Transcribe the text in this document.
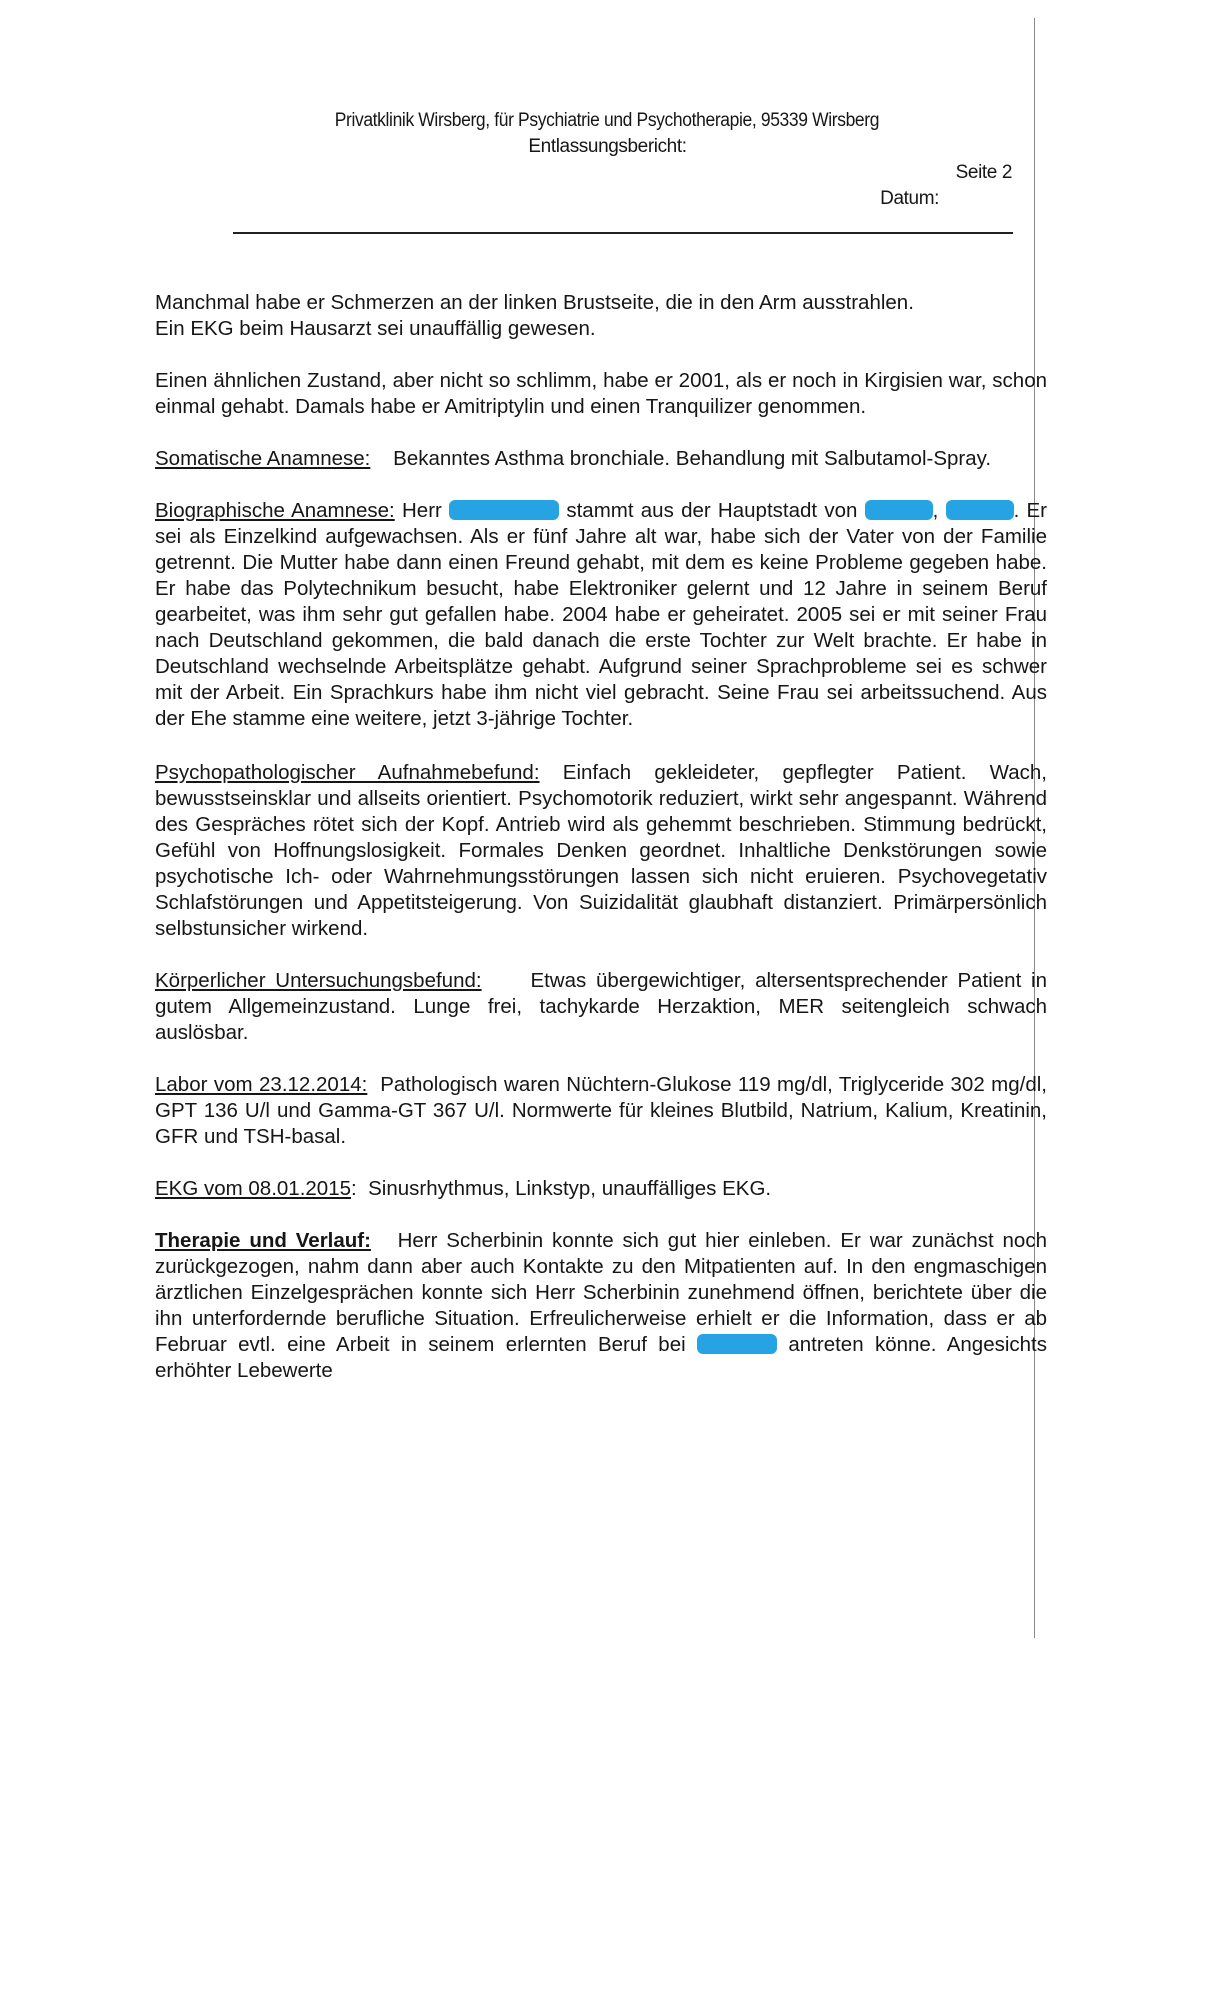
Privatklinik Wirsberg, für Psychiatrie und Psychotherapie, 95339 Wirsberg
Entlassungsbericht:
Seite 2
Datum:

Manchmal habe er Schmerzen an der linken Brustseite, die in den Arm ausstrahlen.
Ein EKG beim Hausarzt sei unauffällig gewesen.

Einen ähnlichen Zustand, aber nicht so schlimm, habe er 2001, als er noch in Kirgisien war, schon einmal gehabt. Damals habe er Amitriptylin und einen Tranquilizer genommen.

Somatische Anamnese: Bekanntes Asthma bronchiale. Behandlung mit Salbutamol-Spray.

Biographische Anamnese: Herr	stammt aus der Hauptstadt von	,	. Er sei als Einzelkind aufgewachsen. Als er fünf Jahre alt war, habe sich der Vater von der Familie getrennt. Die Mutter habe dann einen Freund gehabt, mit dem es keine Probleme gegeben habe. Er habe das Polytechnikum besucht, habe Elektroniker gelernt und 12 Jahre in seinem Beruf gearbeitet, was ihm sehr gut gefallen habe. 2004 habe er geheiratet. 2005 sei er mit seiner Frau nach Deutschland gekommen, die bald danach die erste Tochter zur Welt brachte. Er habe in Deutschland wechselnde Arbeitsplätze gehabt. Aufgrund seiner Sprachprobleme sei es schwer mit der Arbeit. Ein Sprachkurs habe ihm nicht viel gebracht. Seine Frau sei arbeitssuchend. Aus der Ehe stamme eine weitere, jetzt 3-jährige Tochter.

Psychopathologischer Aufnahmebefund: Einfach gekleideter, gepflegter Patient. Wach, bewusstseinsklar und allseits orientiert. Psychomotorik reduziert, wirkt sehr angespannt. Während des Gespräches rötet sich der Kopf. Antrieb wird als gehemmt beschrieben. Stimmung bedrückt, Gefühl von Hoffnungslosigkeit. Formales Denken geordnet. Inhaltliche Denkstörungen sowie psychotische Ich- oder Wahrnehmungsstörungen lassen sich nicht eruieren. Psychovegetativ Schlafstörungen und Appetitsteigerung. Von Suizidalität glaubhaft distanziert. Primärpersönlich selbstunsicher wirkend.

Körperlicher Untersuchungsbefund: Etwas übergewichtiger, altersentsprechender Patient in gutem Allgemeinzustand. Lunge frei, tachykarde Herzaktion, MER seitengleich schwach auslösbar.

Labor vom 23.12.2014: Pathologisch waren Nüchtern-Glukose 119 mg/dl, Triglyceride 302 mg/dl, GPT 136 U/l und Gamma-GT 367 U/l. Normwerte für kleines Blutbild, Natrium, Kalium, Kreatinin, GFR und TSH-basal.

EKG vom 08.01.2015: Sinusrhythmus, Linkstyp, unauffälliges EKG.

Therapie und Verlauf: Herr Scherbinin konnte sich gut hier einleben. Er war zunächst noch zurückgezogen, nahm dann aber auch Kontakte zu den Mitpatienten auf. In den engmaschigen ärztlichen Einzelgesprächen konnte sich Herr Scherbinin zunehmend öffnen, berichtete über die ihn unterfordernde berufliche Situation. Erfreulicherweise erhielt er die Information, dass er ab Februar evtl. eine Arbeit in seinem erlernten Beruf bei	antreten könne. Angesichts erhöhter Lebewerte
